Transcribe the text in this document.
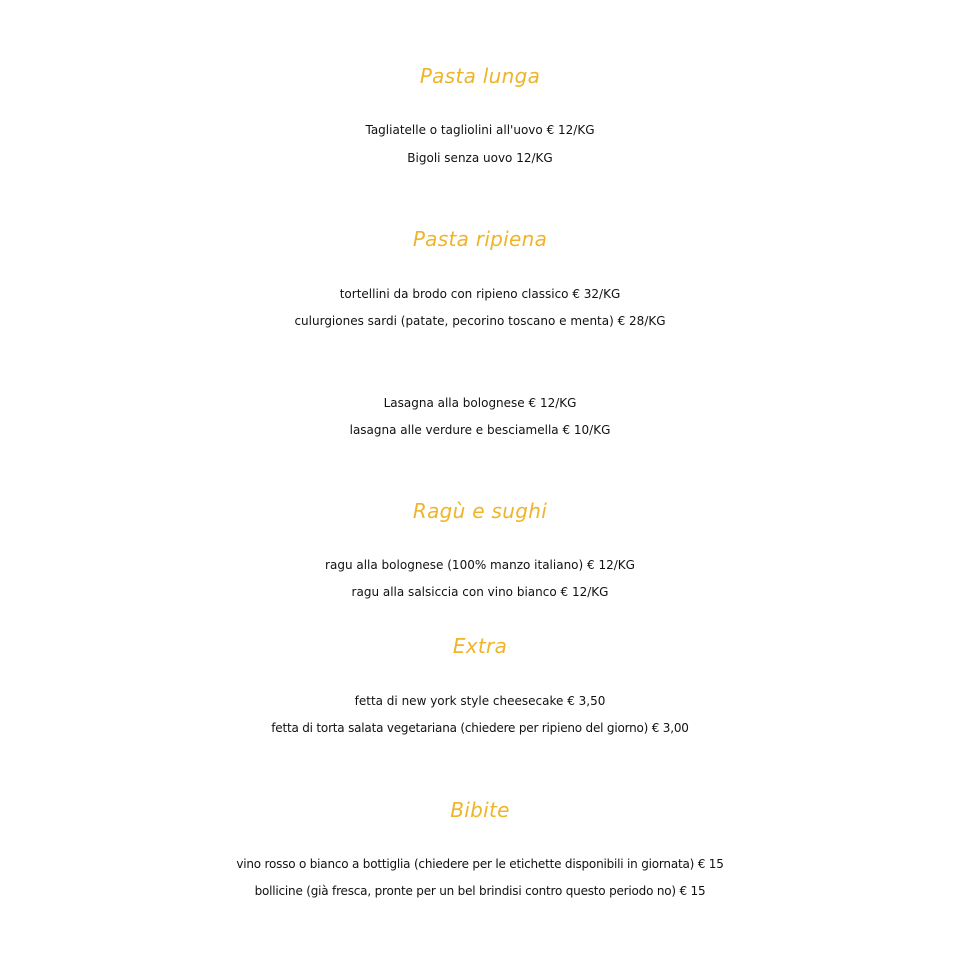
Pasta lunga
Tagliatelle o tagliolini all'uovo € 12/KG
Bigoli senza uovo 12/KG
Pasta ripiena
tortellini da brodo con ripieno classico € 32/KG
culurgiones sardi (patate, pecorino toscano e menta) € 28/KG
Lasagna alla bolognese € 12/KG
lasagna alle verdure e besciamella € 10/KG
Ragù e sughi
ragu alla bolognese (100% manzo italiano) € 12/KG
ragu alla salsiccia con vino bianco € 12/KG
Extra
fetta di new york style cheesecake € 3,50
fetta di torta salata vegetariana (chiedere per ripieno del giorno) € 3,00
Bibite
vino rosso o bianco a bottiglia (chiedere per le etichette disponibili in giornata) € 15
bollicine (già fresca, pronte per un bel brindisi contro questo periodo no) € 15
